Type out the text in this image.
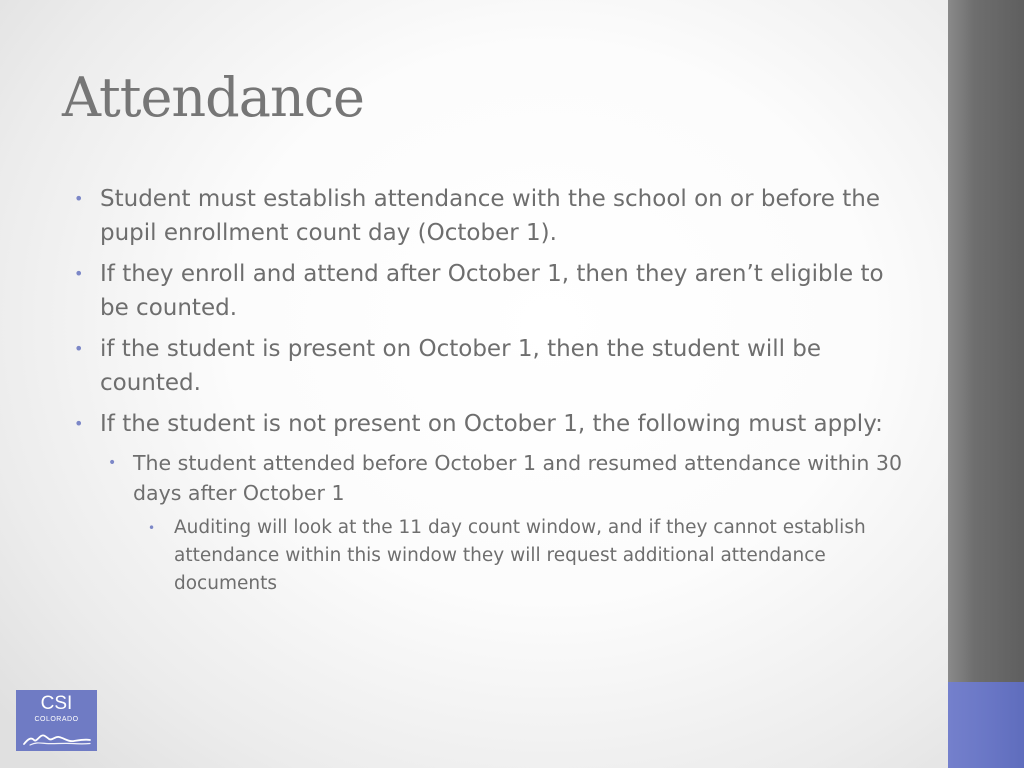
Attendance
• Student must establish attendance with the school on or before the pupil enrollment count day (October 1).
• If they enroll and attend after October 1, then they aren’t eligible to be counted.
• if the student is present on October 1, then the student will be counted.
• If the student is not present on October 1, the following must apply:
• The student attended before October 1 and resumed attendance within 30 days after October 1
• Auditing will look at the 11 day count window, and if they cannot establish attendance within this window they will request additional attendance documents
CSI
COLORADO
